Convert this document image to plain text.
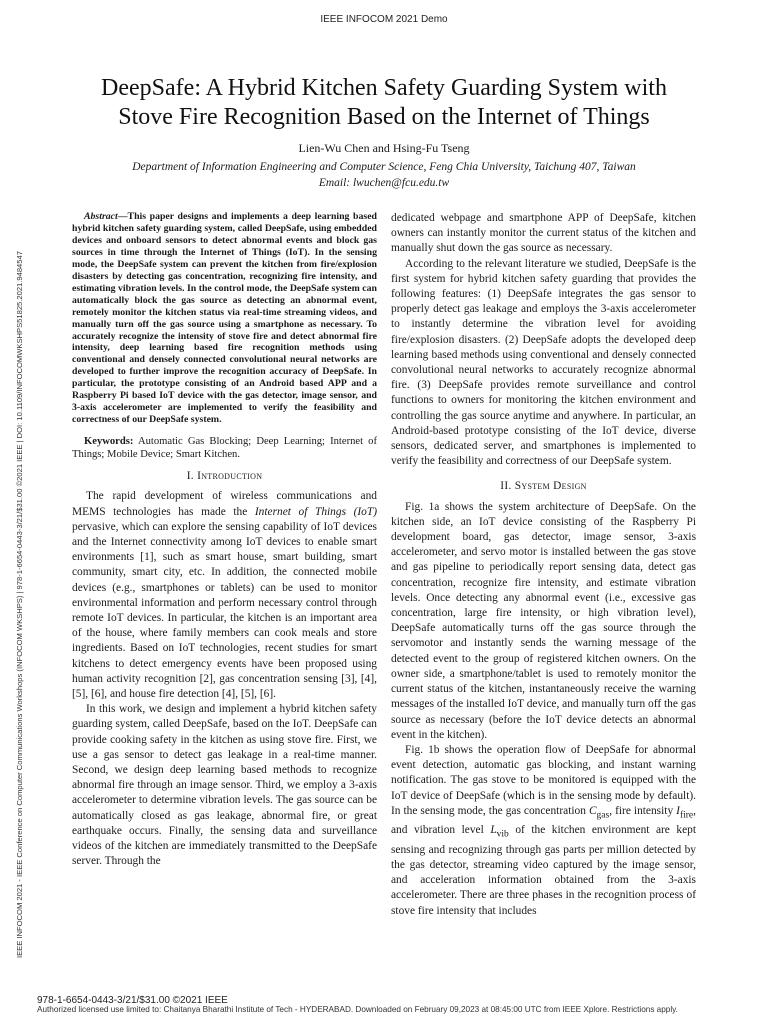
IEEE INFOCOM 2021 Demo
IEEE INFOCOM 2021 - IEEE Conference on Computer Communications Workshops (INFOCOM WKSHPS) | 978-1-6654-0443-3/21/$31.00 ©2021 IEEE | DOI: 10.1109/INFOCOMWKSHPS51825.2021.9484547
DeepSafe: A Hybrid Kitchen Safety Guarding System with
Stove Fire Recognition Based on the Internet of Things
Lien-Wu Chen and Hsing-Fu Tseng
Department of Information Engineering and Computer Science, Feng Chia University, Taichung 407, Taiwan
Email: lwuchen@fcu.edu.tw

Abstract—This paper designs and implements a deep learning based hybrid kitchen safety guarding system, called DeepSafe, using embedded devices and onboard sensors to detect abnormal events and block gas sources in time through the Internet of Things (IoT). In the sensing mode, the DeepSafe system can prevent the kitchen from fire/explosion disasters by detecting gas concentration, recognizing fire intensity, and estimating vibration levels. In the control mode, the DeepSafe system can automatically block the gas source as detecting an abnormal event, remotely monitor the kitchen status via real-time streaming videos, and manually turn off the gas source using a smartphone as necessary. To accurately recognize the intensity of stove fire and detect abnormal fire intensity, deep learning based fire recognition methods using conventional and densely connected convolutional neural networks are developed to further improve the recognition accuracy of DeepSafe. In particular, the prototype consisting of an Android based APP and a Raspberry Pi based IoT device with the gas detector, image sensor, and 3-axis accelerometer are implemented to verify the feasibility and correctness of our DeepSafe system.

Keywords: Automatic Gas Blocking; Deep Learning; Internet of Things; Mobile Device; Smart Kitchen.

I. Introduction

The rapid development of wireless communications and MEMS technologies has made the Internet of Things (IoT) pervasive, which can explore the sensing capability of IoT devices and the Internet connectivity among IoT devices to enable smart environments [1], such as smart house, smart building, smart community, smart city, etc. In addition, the connected mobile devices (e.g., smartphones or tablets) can be used to monitor environmental information and perform necessary control through remote IoT devices. In particular, the kitchen is an important area of the house, where family members can cook meals and store ingredients. Based on IoT technologies, recent studies for smart kitchens to detect emergency events have been proposed using human activity recognition [2], gas concentration sensing [3], [4], [5], [6], and house fire detection [4], [5], [6].

In this work, we design and implement a hybrid kitchen safety guarding system, called DeepSafe, based on the IoT. DeepSafe can provide cooking safety in the kitchen as using stove fire. First, we use a gas sensor to detect gas leakage in a real-time manner. Second, we design deep learning based methods to recognize abnormal fire through an image sensor. Third, we employ a 3-axis accelerometer to determine vibration levels. The gas source can be automatically closed as gas leakage, abnormal fire, or great earthquake occurs. Finally, the sensing data and surveillance videos of the kitchen are immediately transmitted to the DeepSafe server. Through the

dedicated webpage and smartphone APP of DeepSafe, kitchen owners can instantly monitor the current status of the kitchen and manually shut down the gas source as necessary.

According to the relevant literature we studied, DeepSafe is the first system for hybrid kitchen safety guarding that provides the following features: (1) DeepSafe integrates the gas sensor to properly detect gas leakage and employs the 3-axis accelerometer to instantly determine the vibration level for avoiding fire/explosion disasters. (2) DeepSafe adopts the developed deep learning based methods using conventional and densely connected convolutional neural networks to accurately recognize abnormal fire. (3) DeepSafe provides remote surveillance and control functions to owners for monitoring the kitchen environment and controlling the gas source anytime and anywhere. In particular, an Android-based prototype consisting of the IoT device, diverse sensors, dedicated server, and smartphones is implemented to verify the feasibility and correctness of our DeepSafe system.

II. System Design

Fig. 1a shows the system architecture of DeepSafe. On the kitchen side, an IoT device consisting of the Raspberry Pi development board, gas detector, image sensor, 3-axis accelerometer, and servo motor is installed between the gas stove and gas pipeline to periodically report sensing data, detect gas concentration, recognize fire intensity, and estimate vibration levels. Once detecting any abnormal event (i.e., excessive gas concentration, large fire intensity, or high vibration level), DeepSafe automatically turns off the gas source through the servomotor and instantly sends the warning message of the detected event to the group of registered kitchen owners. On the owner side, a smartphone/tablet is used to remotely monitor the current status of the kitchen, instantaneously receive the warning messages of the installed IoT device, and manually turn off the gas source as necessary (before the IoT device detects an abnormal event in the kitchen).

Fig. 1b shows the operation flow of DeepSafe for abnormal event detection, automatic gas blocking, and instant warning notification. The gas stove to be monitored is equipped with the IoT device of DeepSafe (which is in the sensing mode by default). In the sensing mode, the gas concentration $C_{gas}$, fire intensity $I_{fire}$, and vibration level $L_{vib}$ of the kitchen environment are kept sensing and recognizing through gas parts per million detected by the gas detector, streaming video captured by the image sensor, and acceleration information obtained from the 3-axis accelerometer. There are three phases in the recognition process of stove fire intensity that includes

978-1-6654-0443-3/21/$31.00 ©2021 IEEE
Authorized licensed use limited to: Chaitanya Bharathi Institute of Tech - HYDERABAD. Downloaded on February 09,2023 at 08:45:00 UTC from IEEE Xplore. Restrictions apply.
